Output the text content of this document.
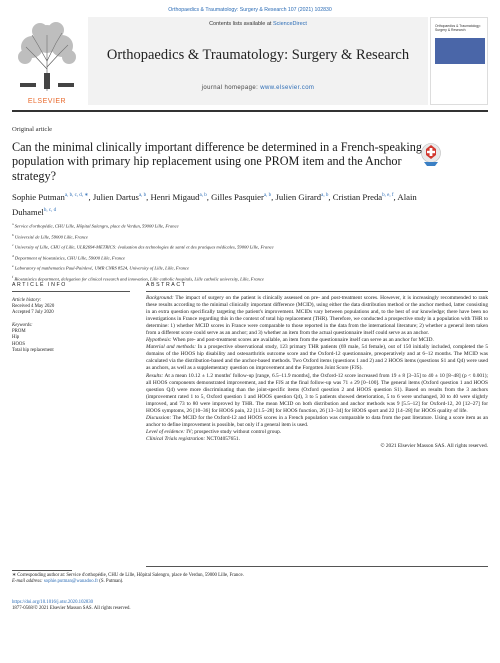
Orthopaedics & Traumatology: Surgery & Research 107 (2021) 102830
ELSEVIER
Contents lists available at ScienceDirect
Orthopaedics & Traumatology: Surgery & Research
journal homepage: www.elsevier.com
Orthopaedics & Traumatology: Surgery & Research
Original article
Can the minimal clinically important difference be determined in a French-speaking population with primary hip replacement using one PROM item and the Anchor strategy?
Sophie Putman$^{a, b, c, d, ∗}$, Julien Dartus$^{a, b}$, Henri Migaud$^{a, b}$, Gilles Pasquier$^{a, b}$, Julien Girard$^{a, b}$, Cristian Preda$^{b, e, f}$, Alain Duhamel$^{b, c, d}$
$^a$ Service d'orthopédie, CHU Lille, Hôpital Salengro, place de Verdun, 59000 Lille, France
$^b$ Université de Lille, 59000 Lille, France
$^c$ University of Lille, CHU of Lille, ULR2694-METRICS: évaluation des technologies de santé et des pratiques médicales, 59000 Lille, France
$^d$ Department of biostatistics, CHU Lille, 59000 Lille, France
$^e$ Laboratory of mathematics Paul-Painlevé, UMR CNRS 8524, University of Lille, Lille, France
$^f$ Biostatistics department, delegation for clinical research and innovation, Lille catholic hospitals, Lille catholic university, Lille, France
ARTICLE INFO
Article history:
Received 4 May 2020
Accepted 7 July 2020
Keywords:
PROM
Hip
HOOS
Total hip replacement
ABSTRACT

Background: The impact of surgery on the patient is clinically assessed on pre- and post-treatment scores. However, it is increasingly recommended to rank these results according to the minimal clinically important difference (MCID), using either the data distribution method or the anchor method, latter consisting in an extra question specifically targeting the patient's improvement. MCIDs vary between populations and, to the best of our knowledge; there have been no investigations in France regarding this in the context of total hip replacement (THR). Therefore, we conducted a prospective study in a population with THR to determine: 1) whether MCID scores in France were comparable to those reported in the data from the international literature; 2) whether a general item taken from a different score could serve as an anchor; and 3) whether an item from the actual questionnaire itself could serve as an anchor.

Hypothesis: When pre- and post-treatment scores are available, an item from the questionnaire itself can serve as an anchor for MCID.

Material and methods: In a prospective observational study, 123 primary THR patients (69 male, 54 female), out of 150 initially included, completed the 5 domains of the HOOS hip disability and osteoarthritis outcome score and the Oxford-12 questionnaire, preoperatively and at 6–12 months. The MCID was calculated via the distribution-based and the anchor-based methods. Two Oxford items (questions 1 and 2) and 2 HOOS items (questions S1 and Q4) were used as anchors, as well as a supplementary question on improvement and the Forgotten Joint Score (FJS).

Results: At a mean 10.12 ± 1.2 months' follow-up [range, 6.5–11.9 months], the Oxford-12 score increased from 19 ± 8 [3–35] to 40 ± 10 [8–48] (p < 0.001); all HOOS components demonstrated improvement, and the FJS at the final follow-up was 71 ± 29 [0–100]. The general items (Oxford question 1 and HOOS question Q4) were more discriminating than the joint-specific items (Oxford question 2 and HOOS question S1). Based on results from the 3 anchors (improvement rated 1 to 5, Oxford question 1 and HOOS question Q4), 3 to 5 patients showed deterioration, 5 to 6 were unchanged, 30 to 40 were slightly improved, and 73 to 80 were improved by THR. The mean MCID on both distribution and anchor methods was 9 [5.5–12] for Oxford-12, 20 [12–27] for HOOS symptoms, 26 [10–36] for HOOS pain, 22 [11.5–28] for HOOS function, 26 [13–34] for HOOS sport and 22 [14–28] for HOOS quality of life.

Discussion: The MCID for the Oxford-12 and HOOS scores in a French population was comparable to data from the past literature. Using a score item as an anchor to define improvement is possible, but only if a general item is used.

Level of evidence: IV; prospective study without control group.

Clinical Trials registration: NCT04057651.

© 2021 Elsevier Masson SAS. All rights reserved.

∗ Corresponding author at: Service d'orthopédie, CHU de Lille, Hôpital Salengro, place de Verdun, 59000 Lille, France.
E-mail address: sophie.putman@wanadoo.fr (S. Putman).
https://doi.org/10.1016/j.otsr.2020.102830
1877-0568/© 2021 Elsevier Masson SAS. All rights reserved.
